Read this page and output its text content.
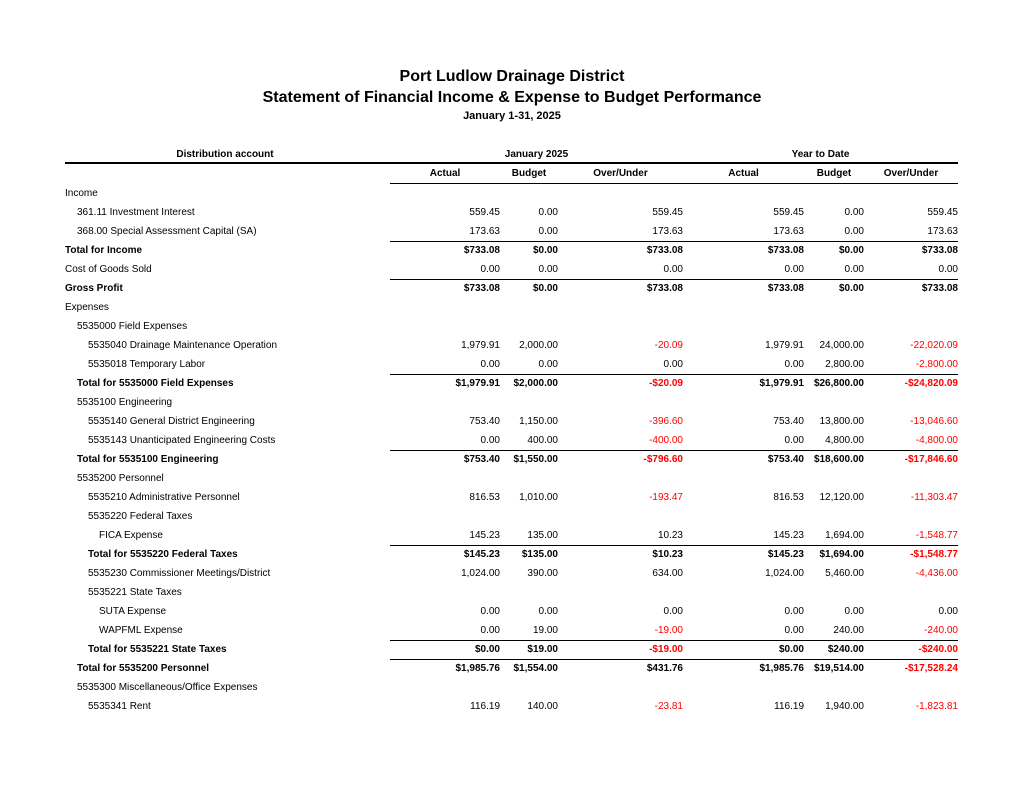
Port Ludlow Drainage District
Statement of Financial Income & Expense to Budget Performance
January 1-31, 2025
Distribution account	January 2025	Year to Date
Actual	Budget	Over/Under	Actual	Budget	Over/Under
Income
361.11 Investment Interest	559.45	0.00	559.45	559.45	0.00	559.45
368.00 Special Assessment Capital (SA)	173.63	0.00	173.63	173.63	0.00	173.63
Total for Income	$733.08	$0.00	$733.08	$733.08	$0.00	$733.08
Cost of Goods Sold	0.00	0.00	0.00	0.00	0.00	0.00
Gross Profit	$733.08	$0.00	$733.08	$733.08	$0.00	$733.08
Expenses
5535000 Field Expenses
5535040 Drainage Maintenance Operation	1,979.91	2,000.00	-20.09	1,979.91	24,000.00	-22,020.09
5535018 Temporary Labor	0.00	0.00	0.00	0.00	2,800.00	-2,800.00
Total for 5535000 Field Expenses	$1,979.91	$2,000.00	-$20.09	$1,979.91 $26,800.00	-$24,820.09
5535100 Engineering
5535140 General District Engineering	753.40	1,150.00	-396.60	753.40	13,800.00	-13,046.60
5535143 Unanticipated Engineering Costs	0.00	400.00	-400.00	0.00	4,800.00	-4,800.00
Total for 5535100 Engineering	$753.40	$1,550.00	-$796.60	$753.40 $18,600.00	-$17,846.60
5535200 Personnel
5535210 Administrative Personnel	816.53	1,010.00	-193.47	816.53	12,120.00	-11,303.47
5535220 Federal Taxes
FICA Expense	145.23	135.00	10.23	145.23	1,694.00	-1,548.77
Total for 5535220 Federal Taxes	$145.23	$135.00	$10.23	$145.23	$1,694.00	-$1,548.77
5535230 Commissioner Meetings/District	1,024.00	390.00	634.00	1,024.00	5,460.00	-4,436.00
5535221 State Taxes
SUTA Expense	0.00	0.00	0.00	0.00	0.00	0.00
WAPFML Expense	0.00	19.00	-19.00	0.00	240.00	-240.00
Total for 5535221 State Taxes	$0.00	$19.00	-$19.00	$0.00	$240.00	-$240.00
Total for 5535200 Personnel	$1,985.76	$1,554.00	$431.76	$1,985.76 $19,514.00	-$17,528.24
5535300 Miscellaneous/Office Expenses
5535341 Rent	116.19	140.00	-23.81	116.19	1,940.00	-1,823.81
